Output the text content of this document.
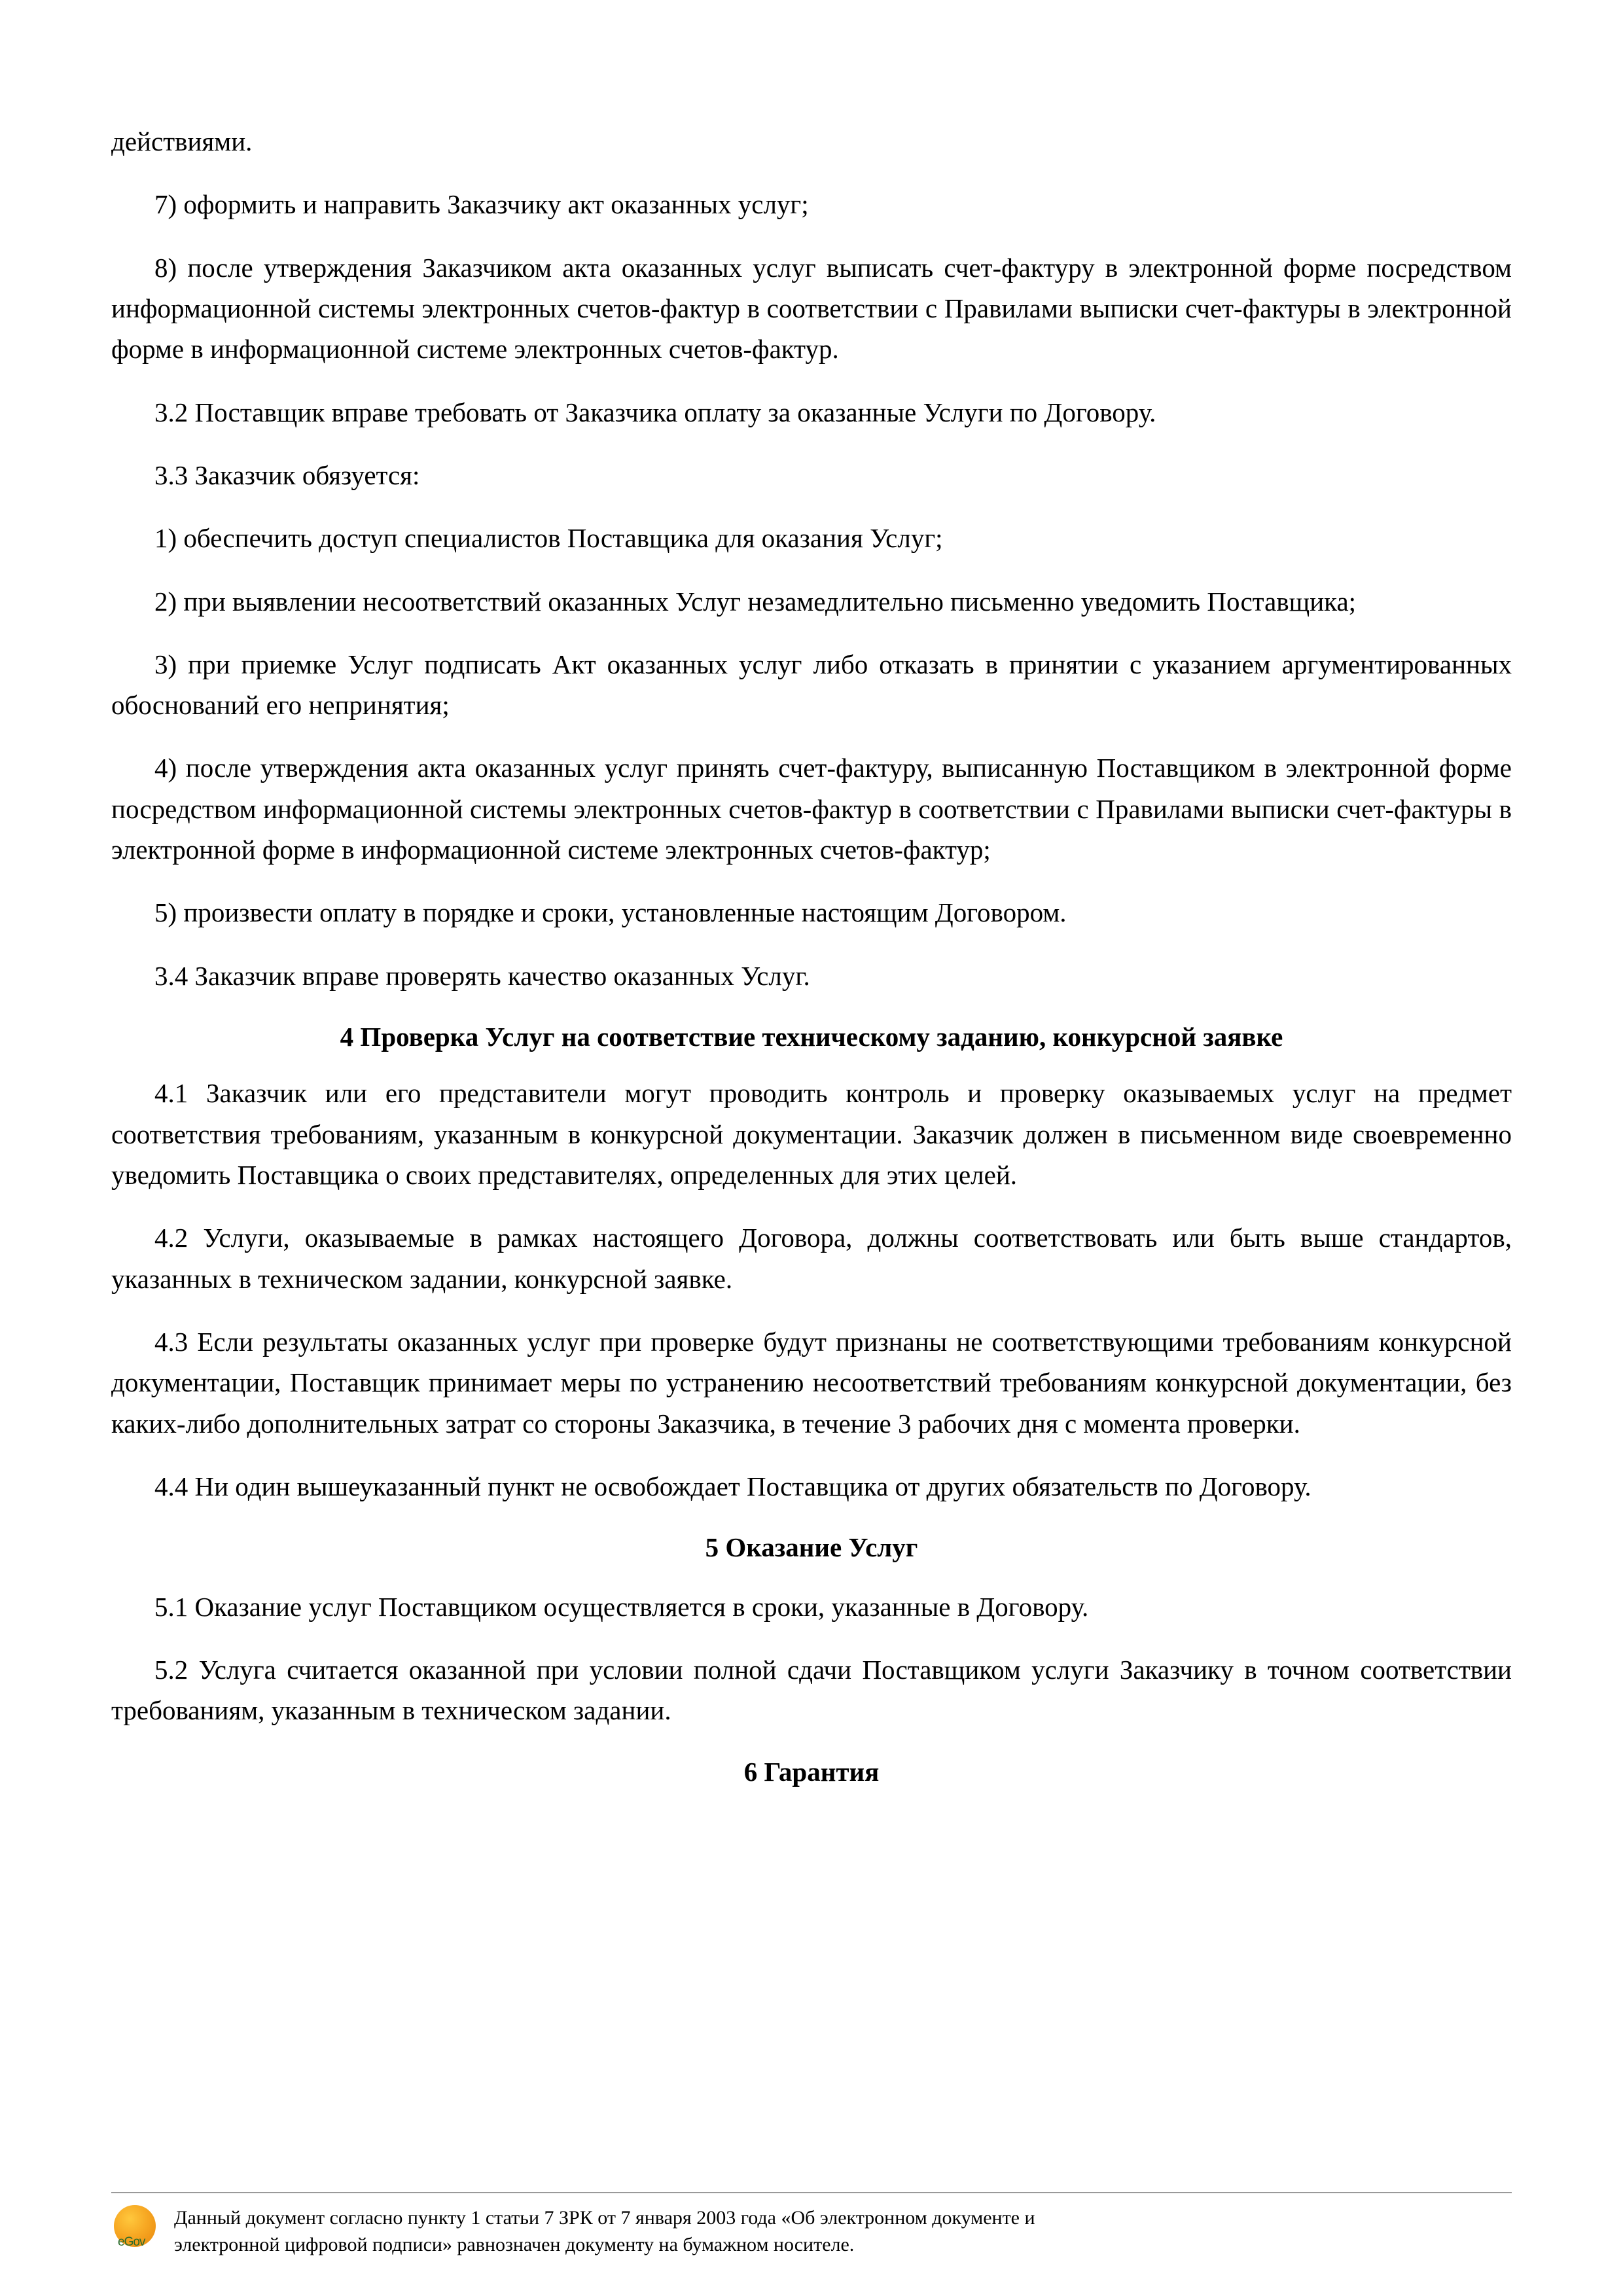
действиями.

7) оформить и направить Заказчику акт оказанных услуг;

8) после утверждения Заказчиком акта оказанных услуг выписать счет-фактуру в электронной форме посредством информационной системы электронных счетов-фактур в соответствии с Правилами выписки счет-фактуры в электронной форме в информационной системе электронных счетов-фактур.

3.2 Поставщик вправе требовать от Заказчика оплату за оказанные Услуги по Договору.

3.3 Заказчик обязуется:

1) обеспечить доступ специалистов Поставщика для оказания Услуг;

2) при выявлении несоответствий оказанных Услуг незамедлительно письменно уведомить Поставщика;

3) при приемке Услуг подписать Акт оказанных услуг либо отказать в принятии с указанием аргументированных обоснований его непринятия;

4) после утверждения акта оказанных услуг принять счет-фактуру, выписанную Поставщиком в электронной форме посредством информационной системы электронных счетов-фактур в соответствии с Правилами выписки счет-фактуры в электронной форме в информационной системе электронных счетов-фактур;

5) произвести оплату в порядке и сроки, установленные настоящим Договором.

3.4 Заказчик вправе проверять качество оказанных Услуг.

4 Проверка Услуг на соответствие техническому заданию, конкурсной заявке

4.1 Заказчик или его представители могут проводить контроль и проверку оказываемых услуг на предмет соответствия требованиям, указанным в конкурсной документации. Заказчик должен в письменном виде своевременно уведомить Поставщика о своих представителях, определенных для этих целей.

4.2 Услуги, оказываемые в рамках настоящего Договора, должны соответствовать или быть выше стандартов, указанных в техническом задании, конкурсной заявке.

4.3 Если результаты оказанных услуг при проверке будут признаны не соответствующими требованиям конкурсной документации, Поставщик принимает меры по устранению несоответствий требованиям конкурсной документации, без каких-либо дополнительных затрат со стороны Заказчика, в течение 3 рабочих дня с момента проверки.

4.4 Ни один вышеуказанный пункт не освобождает Поставщика от других обязательств по Договору.

5 Оказание Услуг

5.1 Оказание услуг Поставщиком осуществляется в сроки, указанные в Договору.

5.2 Услуга считается оказанной при условии полной сдачи Поставщиком услуги Заказчику в точном соответствии требованиям, указанным в техническом задании.

6 Гарантия
eGov
Данный документ согласно пункту 1 статьи 7 ЗРК от 7 января 2003 года «Об электронном документе и
электронной цифровой подписи» равнозначен документу на бумажном носителе.
